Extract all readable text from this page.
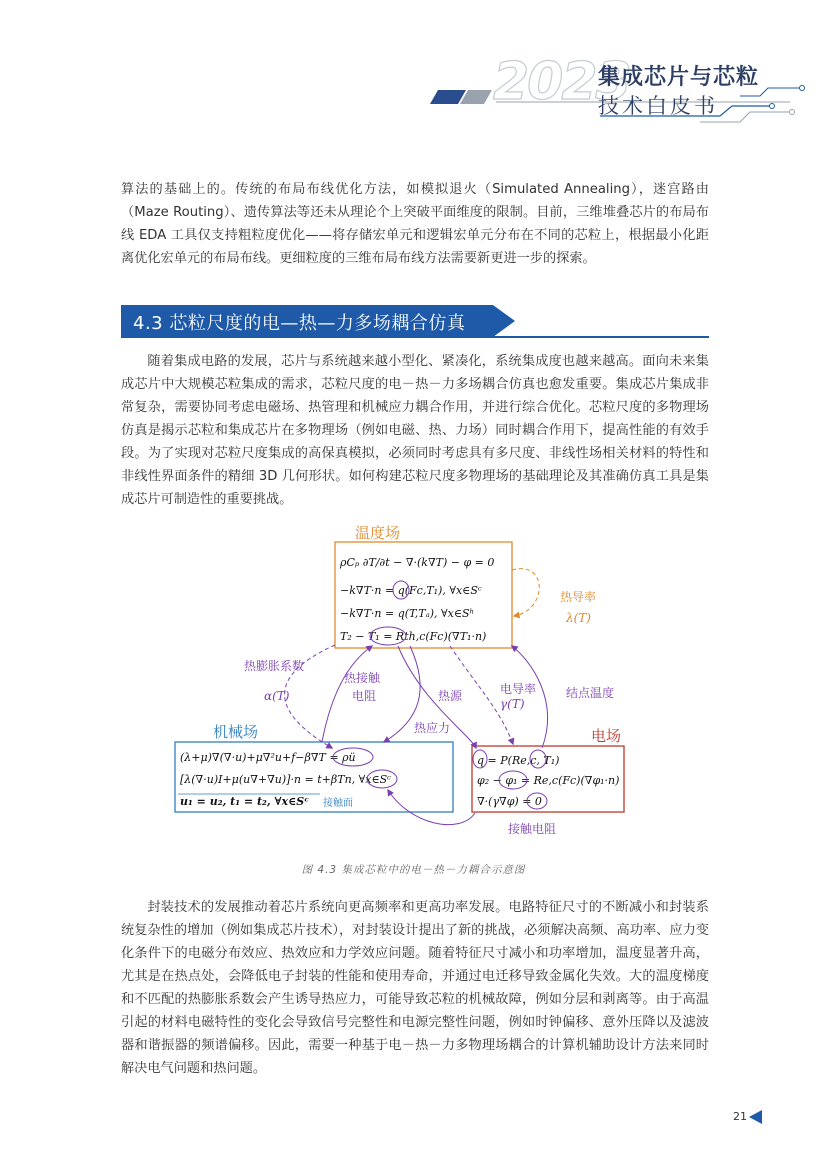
2023
集成芯片与芯粒
技术白皮书

算法的基础上的。传统的布局布线优化方法，如模拟退火（Simulated Annealing），迷宫路由（Maze Routing）、遗传算法等还未从理论个上突破平面维度的限制。目前，三维堆叠芯片的布局布线 EDA 工具仅支持粗粒度优化——将存储宏单元和逻辑宏单元分布在不同的芯粒上，根据最小化距离优化宏单元的布局布线。更细粒度的三维布局布线方法需要新更进一步的探索。

4.3 芯粒尺度的电—热—力多场耦合仿真

随着集成电路的发展，芯片与系统越来越小型化、紧凑化，系统集成度也越来越高。面向未来集成芯片中大规模芯粒集成的需求，芯粒尺度的电－热－力多场耦合仿真也愈发重要。集成芯片集成非常复杂，需要协同考虑电磁场、热管理和机械应力耦合作用，并进行综合优化。芯粒尺度的多物理场仿真是揭示芯粒和集成芯片在多物理场（例如电磁、热、力场）同时耦合作用下，提高性能的有效手段。为了实现对芯粒尺度集成的高保真模拟，必须同时考虑具有多尺度、非线性场相关材料的特性和非线性界面条件的精细 3D 几何形状。如何构建芯粒尺度多物理场的基础理论及其准确仿真工具是集成芯片可制造性的重要挑战。

温度场
ρCₚ ∂T/∂t − ∇·(k∇T) − φ = 0
−k∇T·n = q(Fc,T₁), ∀x∈Sᶜ
−k∇T·n = q(T,Tₐ), ∀x∈Sʰ
T₂ − T₁ = Rth,c(Fc)(∇T₁·n)
热导率
λ(T)
机械场
(λ+μ)∇(∇·u)+μ∇²u+f−β∇T = ρü
[λ(∇·u)I+μ(u∇+∇u)]·n = t+βTn, ∀x∈Sᶜ
u₁ = u₂, t₁ = t₂, ∀x∈Sᶜ 接触面
电场
q = P(Re,c, T₁)
φ₂ − φ₁ = Re,c(Fc)(∇φ₁·n)
∇·(γ∇φ) = 0
热膨胀系数
α(T)
热接触
电阻	热源	电导率
γ(T)
结点温度
热应力
接触电阻
图 4.3 集成芯粒中的电－热－力耦合示意图

封装技术的发展推动着芯片系统向更高频率和更高功率发展。电路特征尺寸的不断减小和封装系统复杂性的增加（例如集成芯片技术），对封装设计提出了新的挑战，必须解决高频、高功率、应力变化条件下的电磁分布效应、热效应和力学效应问题。随着特征尺寸减小和功率增加，温度显著升高，尤其是在热点处，会降低电子封装的性能和使用寿命，并通过电迁移导致金属化失效。大的温度梯度和不匹配的热膨胀系数会产生诱导热应力，可能导致芯粒的机械故障，例如分层和剥离等。由于高温引起的材料电磁特性的变化会导致信号完整性和电源完整性问题，例如时钟偏移、意外压降以及滤波器和谐振器的频谱偏移。因此，需要一种基于电－热－力多物理场耦合的计算机辅助设计方法来同时解决电气问题和热问题。

21
